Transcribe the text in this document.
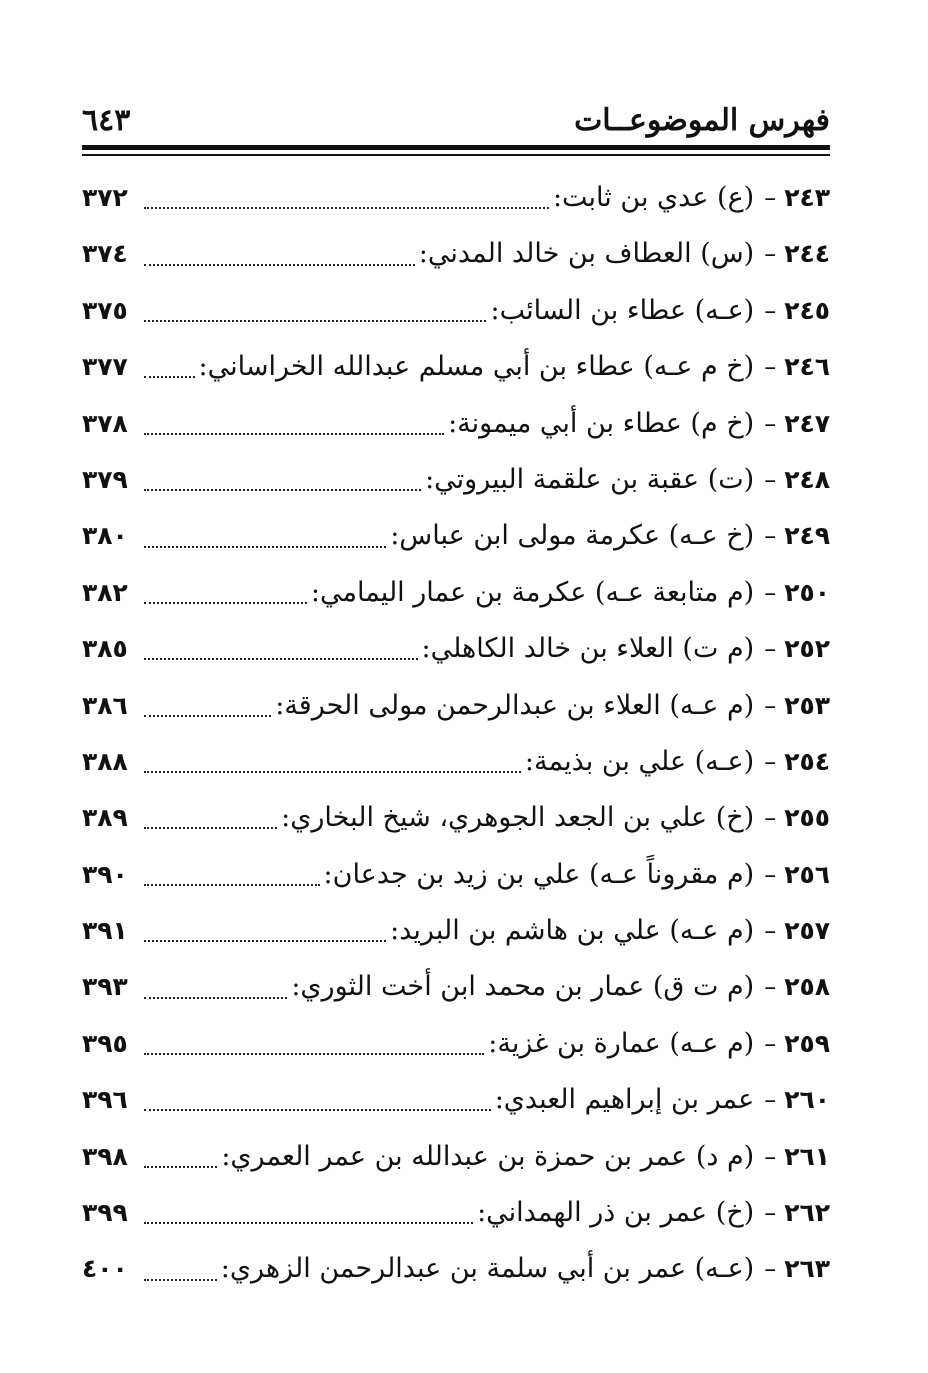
فهرس الموضوعــات
٦٤٣
٢٤٣
–
(ع) عدي بن ثابت:
٣٧٢
٢٤٤
–
(س) العطاف بن خالد المدني:
٣٧٤
٢٤٥
–
(عـه) عطاء بن السائب:
٣٧٥
٢٤٦
–
(خ م عـه) عطاء بن أبي مسلم عبدالله الخراساني:
٣٧٧
٢٤٧
–
(خ م) عطاء بن أبي ميمونة:
٣٧٨
٢٤٨
–
(ت) عقبة بن علقمة البيروتي:
٣٧٩
٢٤٩
–
(خ عـه) عكرمة مولى ابن عباس:
٣٨٠
٢٥٠
–
(م متابعة عـه) عكرمة بن عمار اليمامي:
٣٨٢
٢٥٢
–
(م ت) العلاء بن خالد الكاهلي:
٣٨٥
٢٥٣
–
(م عـه) العلاء بن عبدالرحمن مولى الحرقة:
٣٨٦
٢٥٤
–
(عـه) علي بن بذيمة:
٣٨٨
٢٥٥
–
(خ) علي بن الجعد الجوهري، شيخ البخاري:
٣٨٩
٢٥٦
–
(م مقروناً عـه) علي بن زيد بن جدعان:
٣٩٠
٢٥٧
–
(م عـه) علي بن هاشم بن البريد:
٣٩١
٢٥٨
–
(م ت ق) عمار بن محمد ابن أخت الثوري:
٣٩٣
٢٥٩
–
(م عـه) عمارة بن غزية:
٣٩٥
٢٦٠
–
عمر بن إبراهيم العبدي:
٣٩٦
٢٦١
–
(م د) عمر بن حمزة بن عبدالله بن عمر العمري:
٣٩٨
٢٦٢
–
(خ) عمر بن ذر الهمداني:
٣٩٩
٢٦٣
–
(عـه) عمر بن أبي سلمة بن عبدالرحمن الزهري:
٤٠٠
